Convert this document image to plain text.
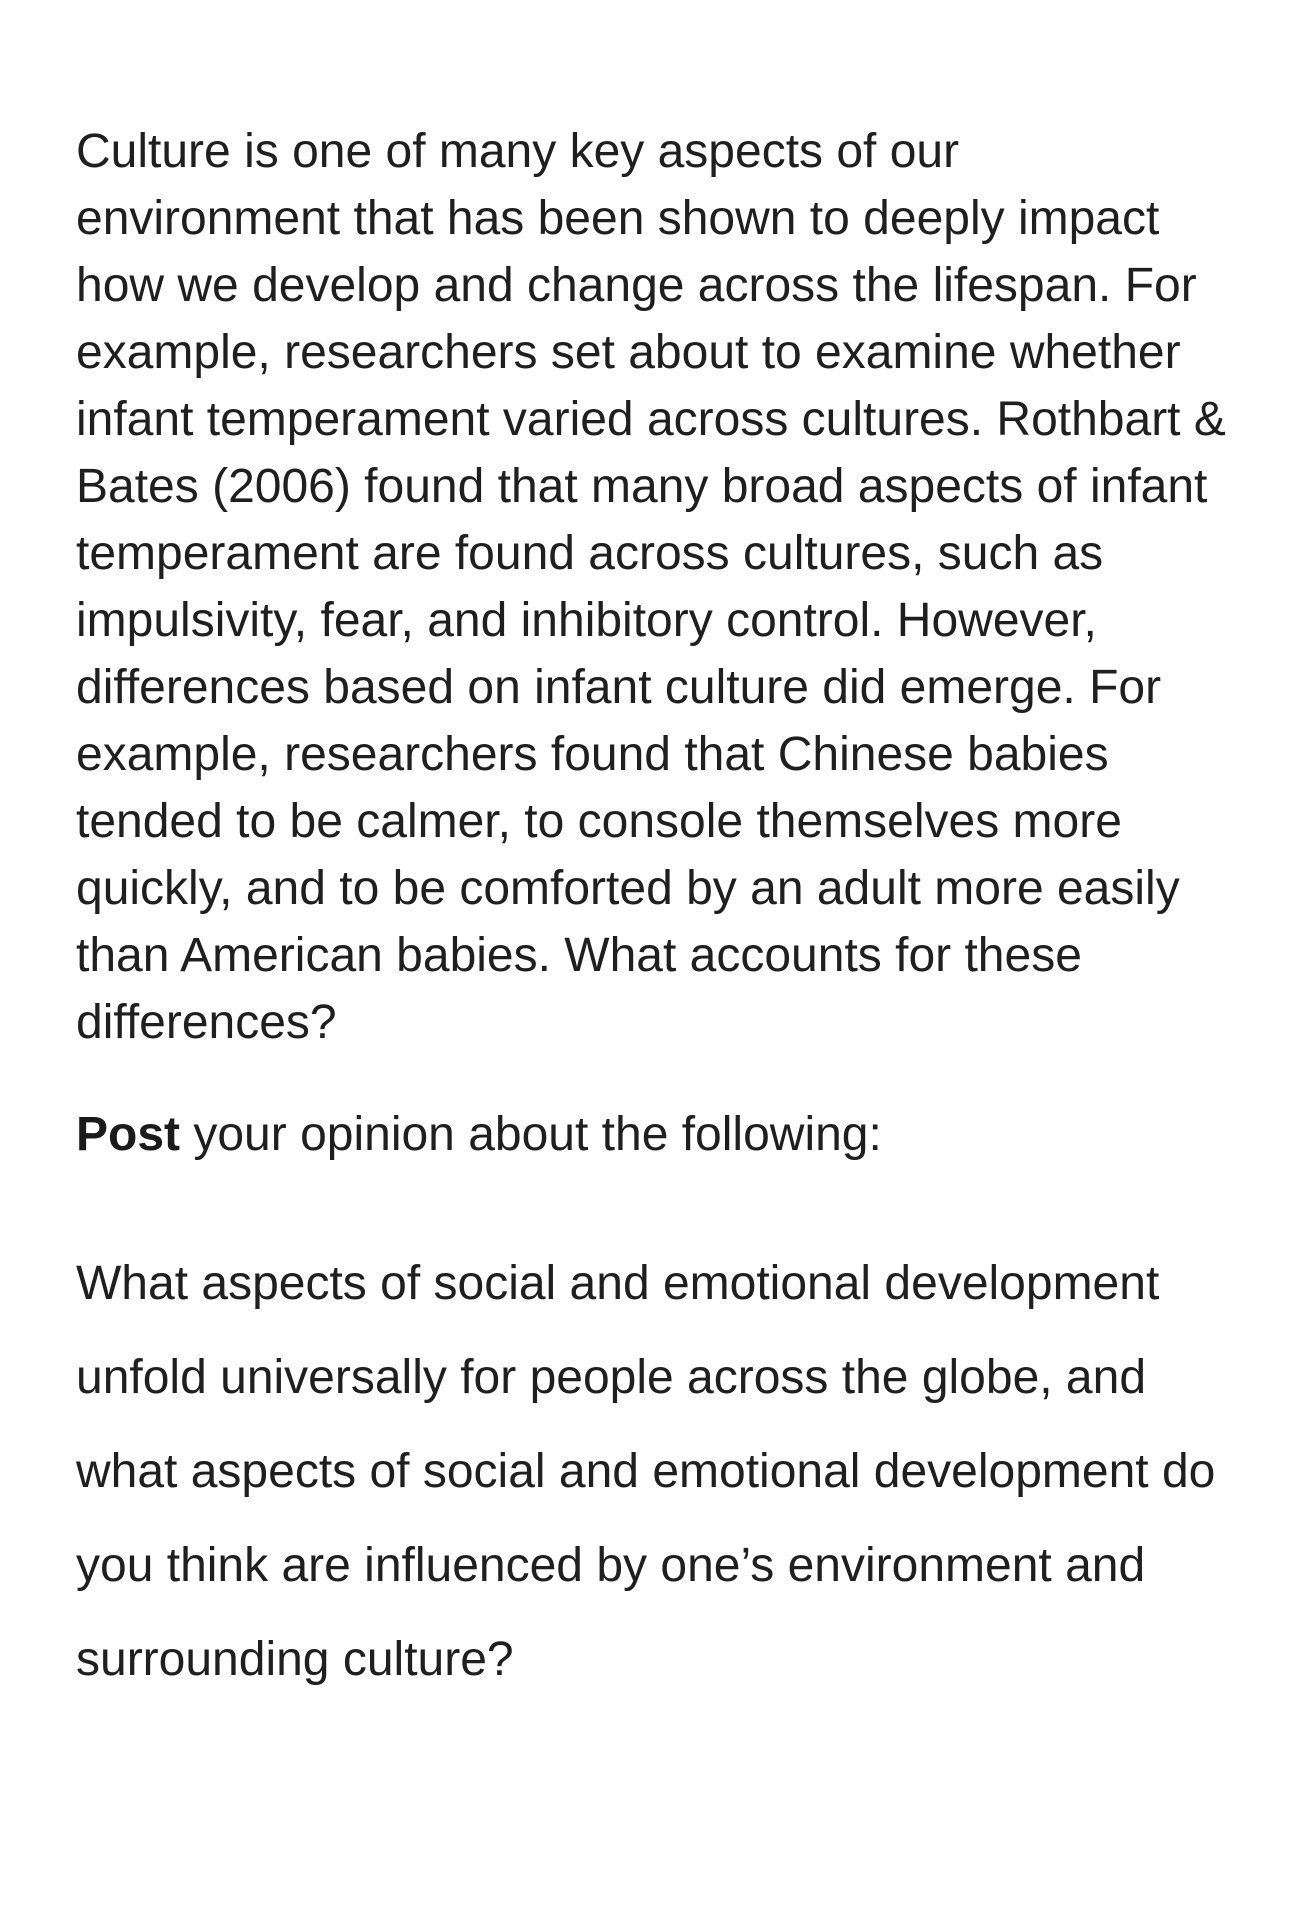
Culture is one of many key aspects of our environment that has been shown to deeply impact how we develop and change across the lifespan. For example, researchers set about to examine whether infant temperament varied across cultures. Rothbart & Bates (2006) found that many broad aspects of infant temperament are found across cultures, such as impulsivity, fear, and inhibitory control. However, differences based on infant culture did emerge. For example, researchers found that Chinese babies tended to be calmer, to console themselves more quickly, and to be comforted by an adult more easily than American babies. What accounts for these differences?

Post your opinion about the following:

What aspects of social and emotional development unfold universally for people across the globe, and what aspects of social and emotional development do you think are influenced by one’s environment and surrounding culture?
